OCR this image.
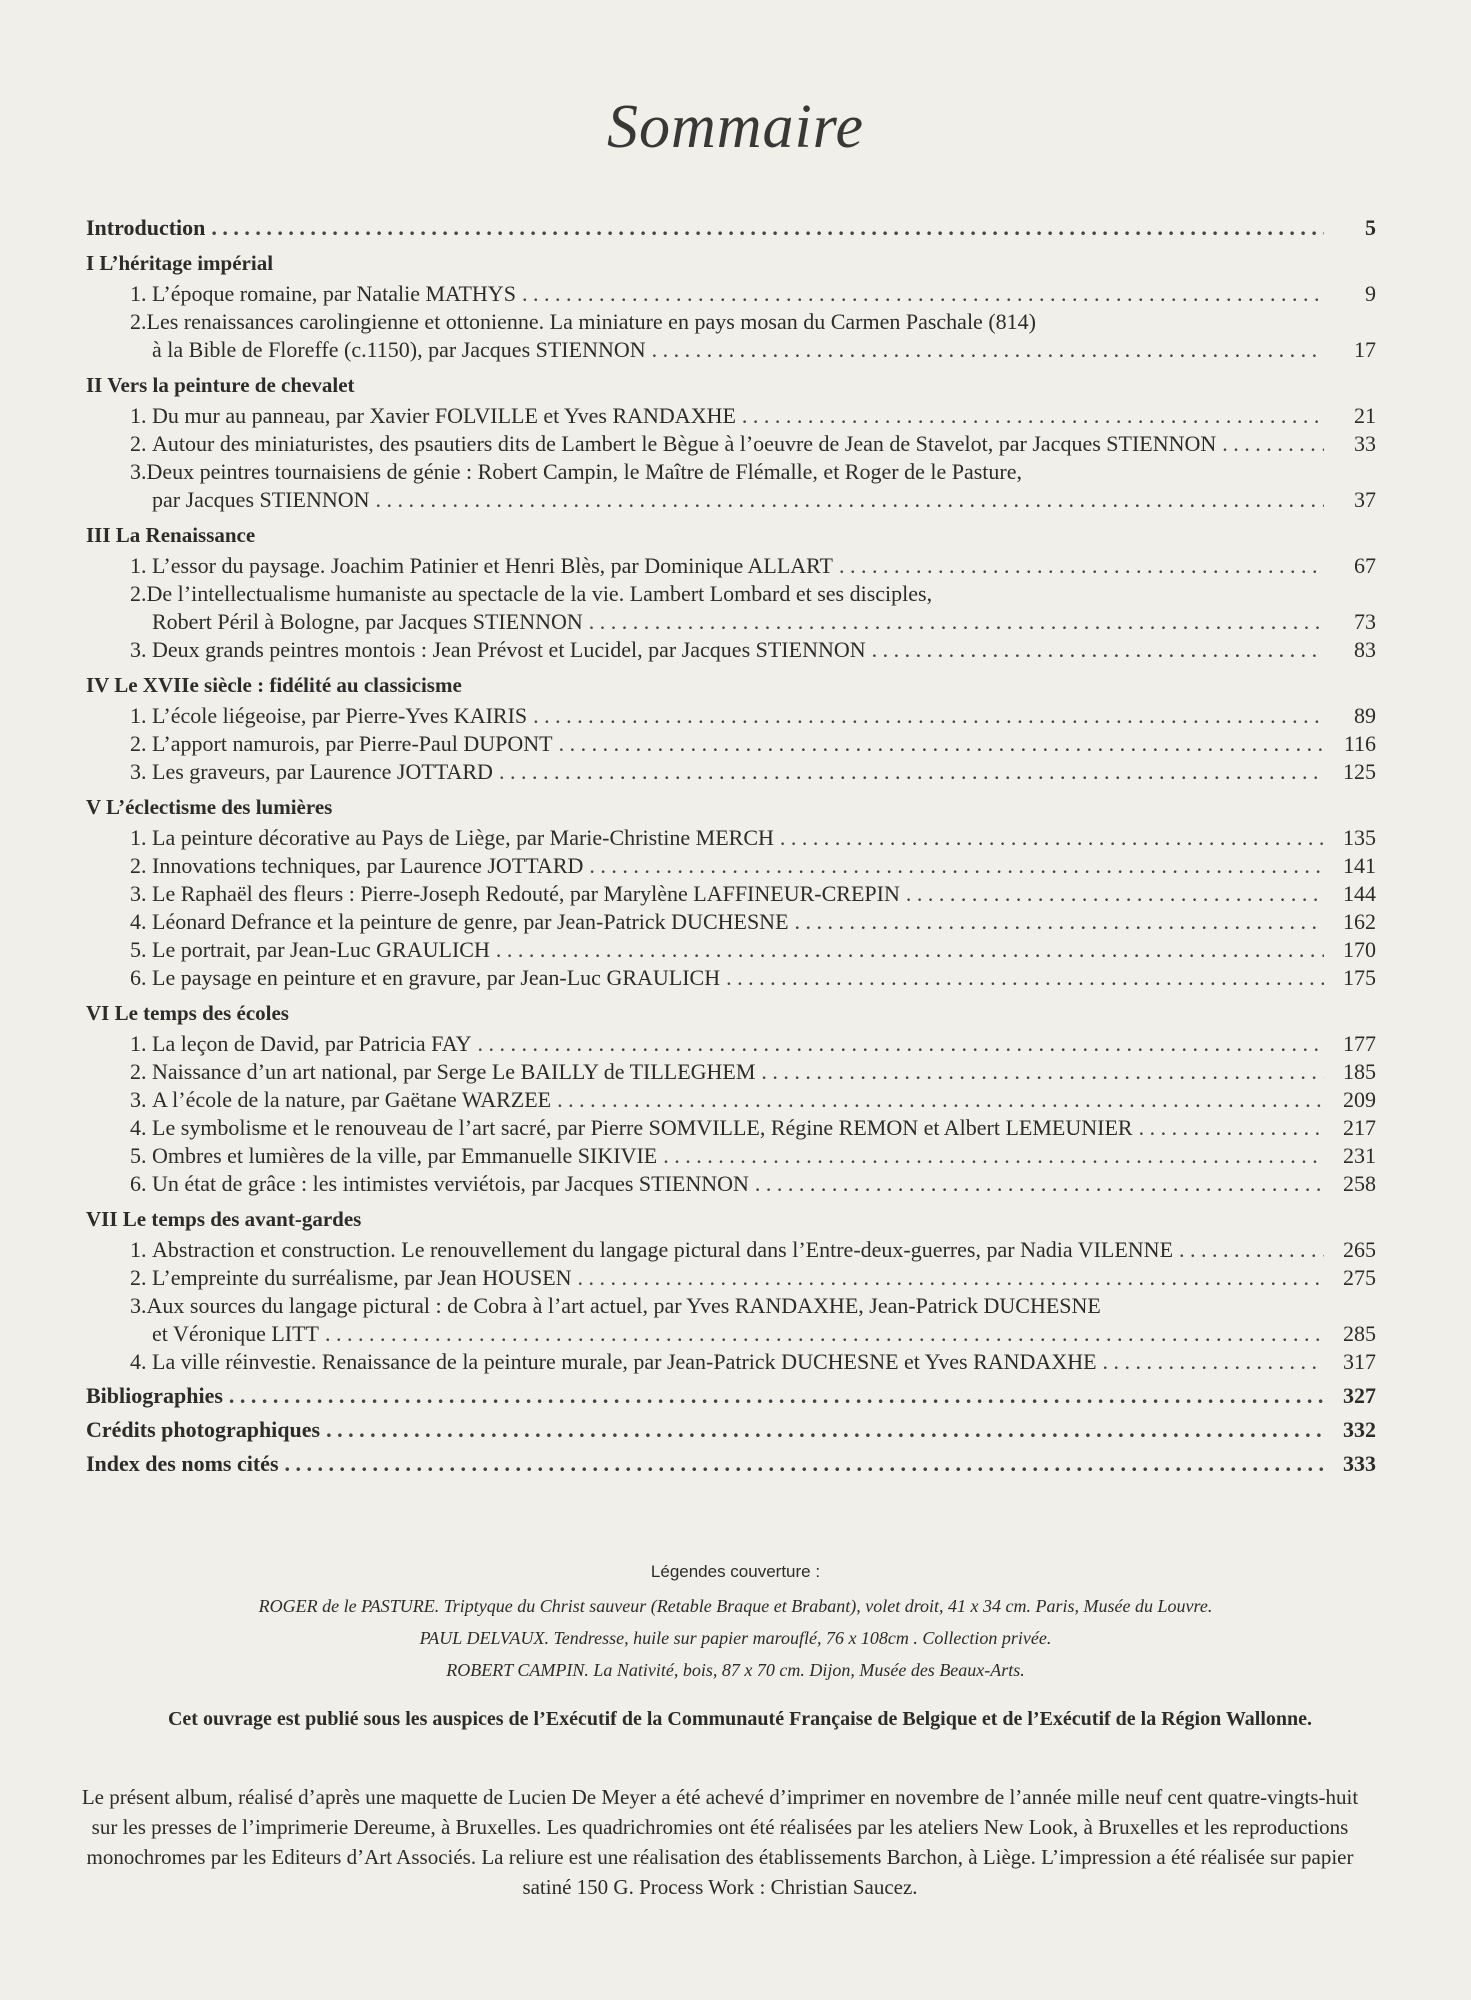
Sommaire
Introduction . . .	5
I L’héritage impérial
1. L’époque romaine, par Natalie MATHYS . . .	9
2.Les renaissances carolingienne et ottonienne. La miniature en pays mosan du Carmen Paschale (814)
à la Bible de Floreffe (c.1150), par Jacques STIENNON . . .	17
II Vers la peinture de chevalet
1. Du mur au panneau, par Xavier FOLVILLE et Yves RANDAXHE . . .	21
2. Autour des miniaturistes, des psautiers dits de Lambert le Bègue à l’oeuvre de Jean de Stavelot, par Jacques STIENNON . . .	33
3.Deux peintres tournaisiens de génie : Robert Campin, le Maître de Flémalle, et Roger de le Pasture,
par Jacques STIENNON . . .	37
III La Renaissance
1. L’essor du paysage. Joachim Patinier et Henri Blès, par Dominique ALLART . . .	67
2.De l’intellectualisme humaniste au spectacle de la vie. Lambert Lombard et ses disciples,
Robert Péril à Bologne, par Jacques STIENNON . . .	73
3. Deux grands peintres montois : Jean Prévost et Lucidel, par Jacques STIENNON . . .	83
IV Le XVIIe siècle : fidélité au classicisme
1. L’école liégeoise, par Pierre-Yves KAIRIS . . .	89
2. L’apport namurois, par Pierre-Paul DUPONT . . .	116
3. Les graveurs, par Laurence JOTTARD . . .	125
V L’éclectisme des lumières
1. La peinture décorative au Pays de Liège, par Marie-Christine MERCH . . .	135
2. Innovations techniques, par Laurence JOTTARD . . .	141
3. Le Raphaël des fleurs : Pierre-Joseph Redouté, par Marylène LAFFINEUR-CREPIN . . .	144
4. Léonard Defrance et la peinture de genre, par Jean-Patrick DUCHESNE . . .	162
5. Le portrait, par Jean-Luc GRAULICH . . .	170
6. Le paysage en peinture et en gravure, par Jean-Luc GRAULICH . . .	175
VI Le temps des écoles
1. La leçon de David, par Patricia FAY . . .	177
2. Naissance d’un art national, par Serge Le BAILLY de TILLEGHEM . . .	185
3. A l’école de la nature, par Gaëtane WARZEE . . .	209
4. Le symbolisme et le renouveau de l’art sacré, par Pierre SOMVILLE, Régine REMON et Albert LEMEUNIER . . .	217
5. Ombres et lumières de la ville, par Emmanuelle SIKIVIE . . .	231
6. Un état de grâce : les intimistes verviétois, par Jacques STIENNON . . .	258
VII Le temps des avant-gardes
1. Abstraction et construction. Le renouvellement du langage pictural dans l’Entre-deux-guerres, par Nadia VILENNE . . .	265
2. L’empreinte du surréalisme, par Jean HOUSEN . . .	275
3.Aux sources du langage pictural : de Cobra à l’art actuel, par Yves RANDAXHE, Jean-Patrick DUCHESNE
et Véronique LITT . . .	285
4. La ville réinvestie. Renaissance de la peinture murale, par Jean-Patrick DUCHESNE et Yves RANDAXHE . . .	317
Bibliographies . . .	327
Crédits photographiques . . .	332
Index des noms cités . . .	333
Légendes couverture :
ROGER de le PASTURE. Triptyque du Christ sauveur (Retable Braque et Brabant), volet droit, 41 x 34 cm. Paris, Musée du Louvre.
PAUL DELVAUX. Tendresse, huile sur papier marouflé, 76 x 108cm . Collection privée.
ROBERT CAMPIN. La Nativité, bois, 87 x 70 cm. Dijon, Musée des Beaux-Arts.
Cet ouvrage est publié sous les auspices de l’Exécutif de la Communauté Française de Belgique et de l’Exécutif de la Région Wallonne.
Le présent album, réalisé d’après une maquette de Lucien De Meyer a été achevé d’imprimer en novembre de l’année mille neuf cent quatre-vingts-huit sur les presses de l’imprimerie Dereume, à Bruxelles. Les quadrichromies ont été réalisées par les ateliers New Look, à Bruxelles et les reproductions monochromes par les Editeurs d’Art Associés. La reliure est une réalisation des établissements Barchon, à Liège. L’impression a été réalisée sur papier satiné 150 G. Process Work : Christian Saucez.
